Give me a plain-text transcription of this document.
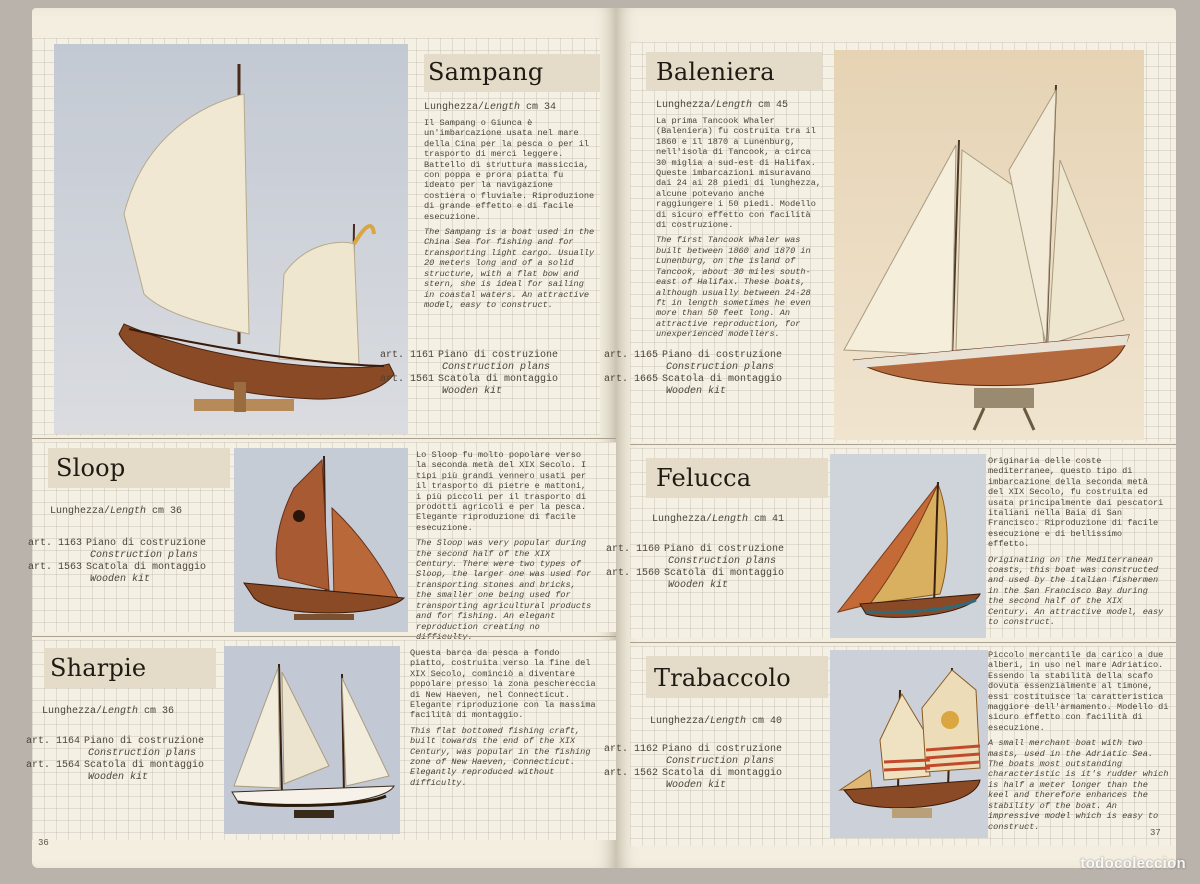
Sampang
Lunghezza/Length cm 34
Il Sampang o Giunca è un'imbarcazione usata nel mare della Cina per la pesca o per il trasporto di merci leggere. Battello di struttura massiccia, con poppa e prora piatta fu ideato per la navigazione costiera o fluviale. Riproduzione di grande effetto e di facile esecuzione.
The Sampang is a boat used in the China Sea for fishing and for transporting light cargo. Usually 20 meters long and of a solid structure, with a flat bow and stern, she is ideal for sailing in coastal waters. An attractive model, easy to construct.
art. 1161 Piano di costruzione
Construction plans
art. 1561 Scatola di montaggio
Wooden kit
Sloop
Lunghezza/Length cm 36
art. 1163 Piano di costruzione
Construction plans
art. 1563 Scatola di montaggio
Wooden kit
Lo Sloop fu molto popolare verso la seconda metà del XIX Secolo. I tipi più grandi vennero usati per il trasporto di pietre e mattoni, i più piccoli per il trasporto di prodotti agricoli e per la pesca. Elegante riproduzione di facile esecuzione.
The Sloop was very popular during the second half of the XIX Century. There were two types of Sloop, the larger one was used for transporting stones and bricks, the smaller one being used for transporting agricultural products and for fishing. An elegant reproduction creating no
Sharpie
Lunghezza/Length cm 36
art. 1164 Piano di costruzione
Construction plans
art. 1564 Scatola di montaggio
Wooden kit
Questa barca da pesca a fondo piatto, costruita verso la fine del XIX Secolo, cominciò a diventare popolare presso la zona peschereccia di New Haeven, nel Connecticut. Elegante riproduzione con la massima facilità di montaggio.
This flat bottomed fishing craft, built towards the end of the XIX Century, was popular in the fishing zone of New Haeven, Connecticut. Elegantly reproduced without difficulty.
36
Baleniera
Lunghezza/Length cm 45
La prima Tancook Whaler (Baleniera) fu costruita tra il 1860 e il 1870 a Lunenburg, nell'isola di Tancook, a circa 30 miglia a sud-est di Halifax. Queste imbarcazioni misuravano dai 24 ai 28 piedi di lunghezza, alcune potevano anche raggiungere i 50 piedi. Modello di sicuro effetto con facilità di costruzione.
The first Tancook Whaler was built between 1860 and 1870 in Lunenburg, on the island of Tancook, about 30 miles south-east of Halifax. These boats, although usually between 24-28 ft in length sometimes he even more than 50 feet long. An attractive reproduction, for unexperienced modellers.
art. 1165 Piano di costruzione
Construction plans
art. 1665 Scatola di montaggio
Wooden kit
Felucca
Lunghezza/Length cm 41
art. 1160 Piano di costruzione
Construction plans
art. 1560 Scatola di montaggio
Wooden kit
Originaria delle coste mediterranee, questo tipo di imbarcazione della seconda metà del XIX Secolo, fu costruita ed usata principalmente dai pescatori italiani nella Baia di San Francisco. Riproduzione di facile esecuzione e di bellissimo effetto.
Originating on the Mediterranean coasts, this boat was constructed and used by the italian fishermen in the San Francisco Bay during the second half of the XIX Century. An attractive model, easy to construct.
Trabaccolo
Lunghezza/Length cm 40
art. 1162 Piano di costruzione
Construction plans
art. 1562 Scatola di montaggio
Wooden kit
Piccolo mercantile da carico a due alberi, in uso nel mare Adriatico. Essendo la stabilità della scafo dovuta essenzialmente al timone, essi costituisce la caratteristica maggiore dell'armamento. Modello di sicuro effetto con facilità di esecuzione.
A small merchant boat with two masts, used in the Adriatic Sea. The boats most outstanding characteristic is it's rudder which is half a meter longer than the keel and therefore enhances the stability of the boat. An impressive model which is easy to construct.
37
todocoleccion
